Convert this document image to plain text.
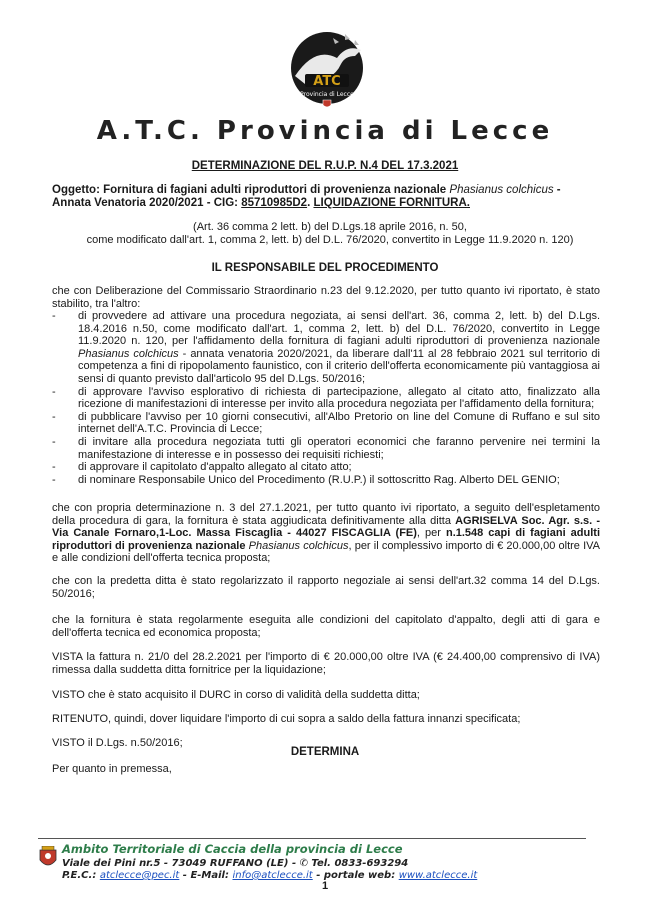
ATC
Provincia di Lecce
A.T.C. Provincia di Lecce
DETERMINAZIONE DEL R.U.P. N.4 DEL 17.3.2021
Oggetto: Fornitura di fagiani adulti riproduttori di provenienza nazionale Phasianus colchicus - Annata Venatoria 2020/2021 - CIG: 85710985D2. LIQUIDAZIONE FORNITURA.
(Art. 36 comma 2 lett. b) del D.Lgs.18 aprile 2016, n. 50,
come modificato dall'art. 1, comma 2, lett. b) del D.L. 76/2020, convertito in Legge 11.9.2020 n. 120)
IL RESPONSABILE DEL PROCEDIMENTO
che con Deliberazione del Commissario Straordinario n.23 del 9.12.2020, per tutto quanto ivi riportato, è stato stabilito, tra l'altro:
- di provvedere ad attivare una procedura negoziata, ai sensi dell'art. 36, comma 2, lett. b) del D.Lgs. 18.4.2016 n.50, come modificato dall'art. 1, comma 2, lett. b) del D.L. 76/2020, convertito in Legge 11.9.2020 n. 120, per l'affidamento della fornitura di fagiani adulti riproduttori di provenienza nazionale Phasianus colchicus - annata venatoria 2020/2021, da liberare dall'11 al 28 febbraio 2021 sul territorio di competenza a fini di ripopolamento faunistico, con il criterio dell'offerta economicamente più vantaggiosa ai sensi di quanto previsto dall'articolo 95 del D.Lgs. 50/2016;
- di approvare l'avviso esplorativo di richiesta di partecipazione, allegato al citato atto, finalizzato alla ricezione di manifestazioni di interesse per invito alla procedura negoziata per l'affidamento della fornitura;
- di pubblicare l'avviso per 10 giorni consecutivi, all'Albo Pretorio on line del Comune di Ruffano e sul sito internet dell'A.T.C. Provincia di Lecce;
- di invitare alla procedura negoziata tutti gli operatori economici che faranno pervenire nei termini la manifestazione di interesse e in possesso dei requisiti richiesti;
- di approvare il capitolato d'appalto allegato al citato atto;
- di nominare Responsabile Unico del Procedimento (R.U.P.) il sottoscritto Rag. Alberto DEL GENIO;
che con propria determinazione n. 3 del 27.1.2021, per tutto quanto ivi riportato, a seguito dell'espletamento della procedura di gara, la fornitura è stata aggiudicata definitivamente alla ditta AGRISELVA Soc. Agr. s.s. - Via Canale Fornaro,1-Loc. Massa Fiscaglia - 44027 FISCAGLIA (FE), per n.1.548 capi di fagiani adulti riproduttori di provenienza nazionale Phasianus colchicus, per il complessivo importo di € 20.000,00 oltre IVA e alle condizioni dell'offerta tecnica proposta;
che con la predetta ditta è stato regolarizzato il rapporto negoziale ai sensi dell'art.32 comma 14 del D.Lgs. 50/2016;
che la fornitura è stata regolarmente eseguita alle condizioni del capitolato d'appalto, degli atti di gara e dell'offerta tecnica ed economica proposta;
VISTA la fattura n. 21/0 del 28.2.2021 per l'importo di € 20.000,00 oltre IVA (€ 24.400,00 comprensivo di IVA) rimessa dalla suddetta ditta fornitrice per la liquidazione;
VISTO che è stato acquisito il DURC in corso di validità della suddetta ditta;
RITENUTO, quindi, dover liquidare l'importo di cui sopra a saldo della fattura innanzi specificata;
VISTO il D.Lgs. n.50/2016;
DETERMINA
Per quanto in premessa,
Ambito Territoriale di Caccia della provincia di Lecce
Viale dei Pini nr.5 - 73049 RUFFANO (LE) - ✆ Tel. 0833-693294
P.E.C.: atclecce@pec.it - E-Mail: info@atclecce.it - portale web: www.atclecce.it
1
